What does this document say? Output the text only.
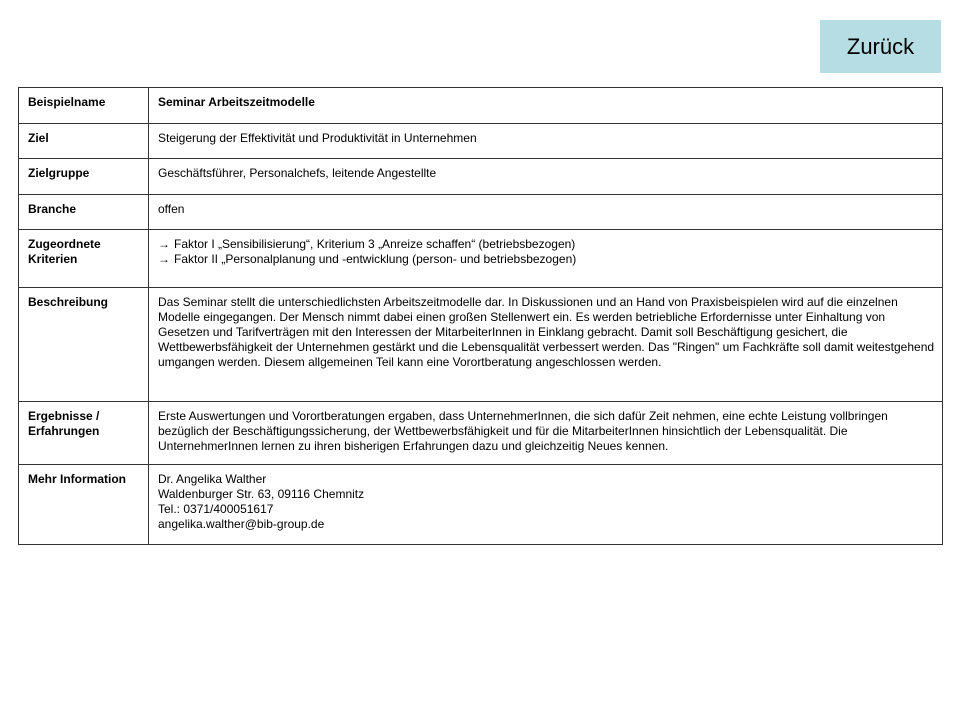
Zurück
Beispielname	Seminar Arbeitszeitmodelle
Ziel	Steigerung der Effektivität und Produktivität in Unternehmen
Zielgruppe	Geschäftsführer, Personalchefs, leitende Angestellte
Branche	offen
Zugeordnete Kriterien	→ Faktor I „Sensibilisierung“, Kriterium 3 „Anreize schaffen“ (betriebsbezogen)
→ Faktor II „Personalplanung und -entwicklung (person- und betriebsbezogen)

Beschreibung	Das Seminar stellt die unterschiedlichsten Arbeitszeitmodelle dar. In Diskussionen und an Hand von Praxisbeispielen wird auf die einzelnen Modelle eingegangen. Der Mensch nimmt dabei einen großen Stellenwert ein. Es werden betriebliche Erfordernisse unter Einhaltung von Gesetzen und Tarifverträgen mit den Interessen der MitarbeiterInnen in Einklang gebracht. Damit soll Beschäftigung gesichert, die Wettbewerbsfähigkeit der Unternehmen gestärkt und die Lebensqualität verbessert werden. Das "Ringen" um Fachkräfte soll damit weitestgehend umgangen werden. Diesem allgemeinen Teil kann eine Vorortberatung angeschlossen werden.
Ergebnisse / Erfahrungen	Erste Auswertungen und Vorortberatungen ergaben, dass UnternehmerInnen, die sich dafür Zeit nehmen, eine echte Leistung vollbringen bezüglich der Beschäftigungssicherung, der Wettbewerbsfähigkeit und für die MitarbeiterInnen hinsichtlich der Lebensqualität. Die UnternehmerInnen lernen zu ihren bisherigen Erfahrungen dazu und gleichzeitig Neues kennen.
Mehr Information	Dr. Angelika Walther
Waldenburger Str. 63, 09116 Chemnitz
Tel.: 0371/400051617
angelika.walther@bib-group.de
